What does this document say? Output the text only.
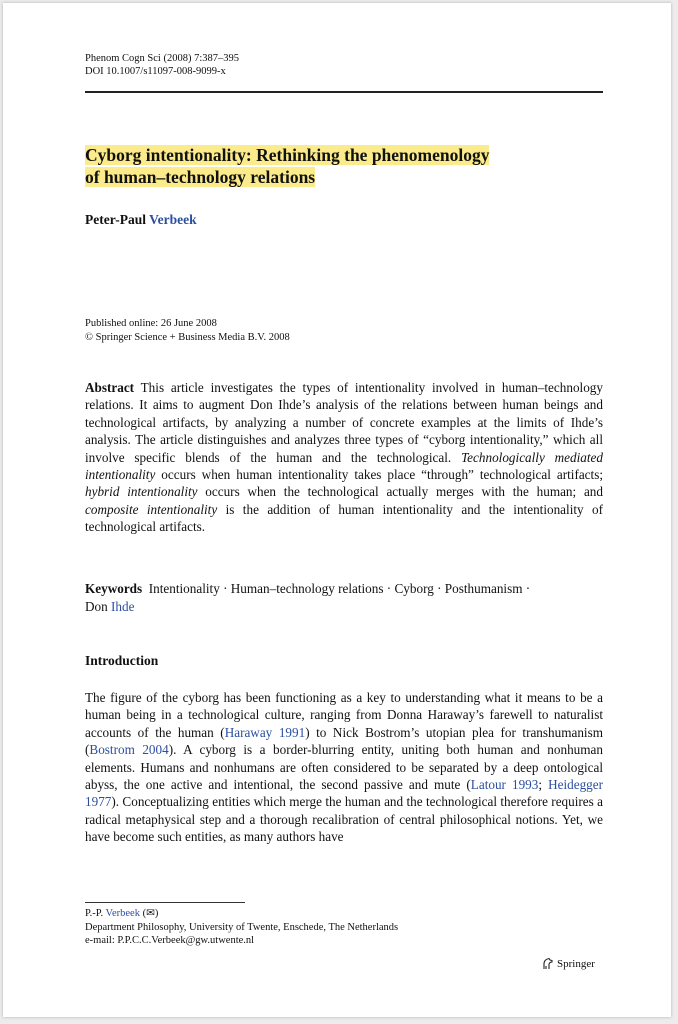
Phenom Cogn Sci (2008) 7:387–395
DOI 10.1007/s11097-008-9099-x
Cyborg intentionality: Rethinking the phenomenology
of human–technology relations
Peter-Paul Verbeek
Published online: 26 June 2008
© Springer Science + Business Media B.V. 2008
Abstract This article investigates the types of intentionality involved in human–technology relations. It aims to augment Don Ihde’s analysis of the relations between human beings and technological artifacts, by analyzing a number of concrete examples at the limits of Ihde’s analysis. The article distinguishes and analyzes three types of “cyborg intentionality,” which all involve specific blends of the human and the technological. Technologically mediated intentionality occurs when human intentionality takes place “through” technological artifacts; hybrid intentionality occurs when the technological actually merges with the human; and composite intentionality is the addition of human intentionality and the intentionality of technological artifacts.
Keywords Intentionality · Human–technology relations · Cyborg · Posthumanism ·
Don Ihde
Introduction
The figure of the cyborg has been functioning as a key to understanding what it means to be a human being in a technological culture, ranging from Donna Haraway’s farewell to naturalist accounts of the human (Haraway 1991) to Nick Bostrom’s utopian plea for transhumanism (Bostrom 2004). A cyborg is a border-blurring entity, uniting both human and nonhuman elements. Humans and nonhumans are often considered to be separated by a deep ontological abyss, the one active and intentional, the second passive and mute (Latour 1993; Heidegger 1977). Conceptualizing entities which merge the human and the technological therefore requires a radical metaphysical step and a thorough recalibration of central philosophical notions. Yet, we have become such entities, as many authors have
P.-P. Verbeek (✉)
Department Philosophy, University of Twente, Enschede, The Netherlands
e-mail: P.P.C.C.Verbeek@gw.utwente.nl
Springer
